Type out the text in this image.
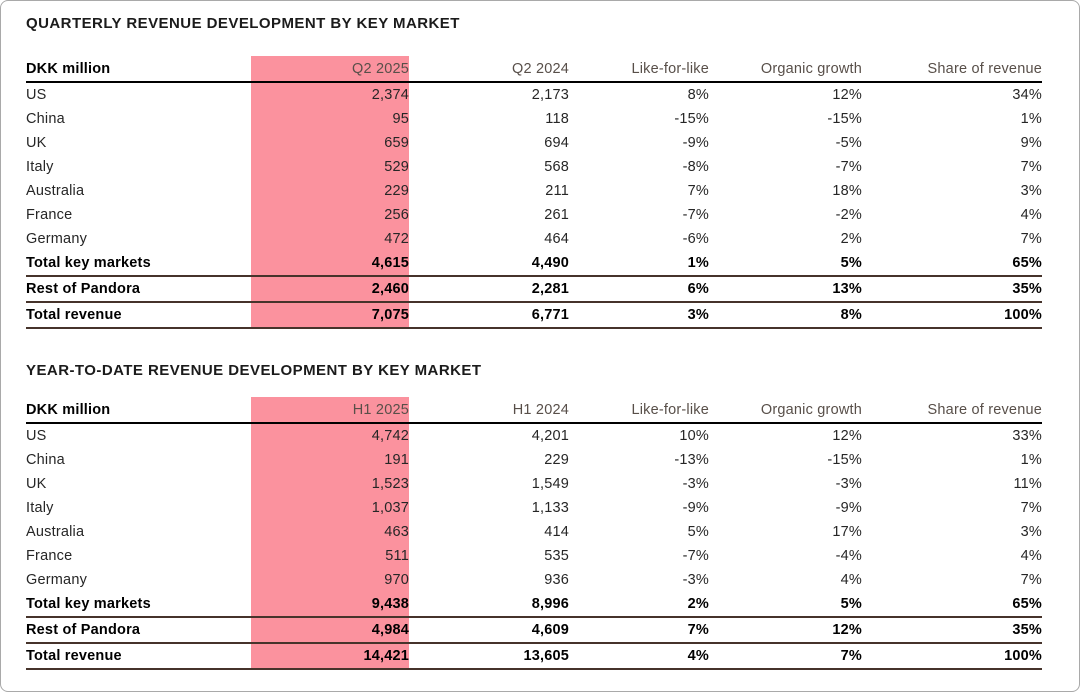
QUARTERLY REVENUE DEVELOPMENT BY KEY MARKET
DKK million	Q2 2025	Q2 2024	Like-for-like	Organic growth	Share of revenue
US	2,374	2,173	8%	12%	34%
China	95	118	-15%	-15%	1%
UK	659	694	-9%	-5%	9%
Italy	529	568	-8%	-7%	7%
Australia	229	211	7%	18%	3%
France	256	261	-7%	-2%	4%
Germany	472	464	-6%	2%	7%
Total key markets	4,615	4,490	1%	5%	65%
Rest of Pandora	2,460	2,281	6%	13%	35%
Total revenue	7,075	6,771	3%	8%	100%
YEAR-TO-DATE REVENUE DEVELOPMENT BY KEY MARKET
DKK million	H1 2025	H1 2024	Like-for-like	Organic growth	Share of revenue
US	4,742	4,201	10%	12%	33%
China	191	229	-13%	-15%	1%
UK	1,523	1,549	-3%	-3%	11%
Italy	1,037	1,133	-9%	-9%	7%
Australia	463	414	5%	17%	3%
France	511	535	-7%	-4%	4%
Germany	970	936	-3%	4%	7%
Total key markets	9,438	8,996	2%	5%	65%
Rest of Pandora	4,984	4,609	7%	12%	35%
Total revenue	14,421	13,605	4%	7%	100%
